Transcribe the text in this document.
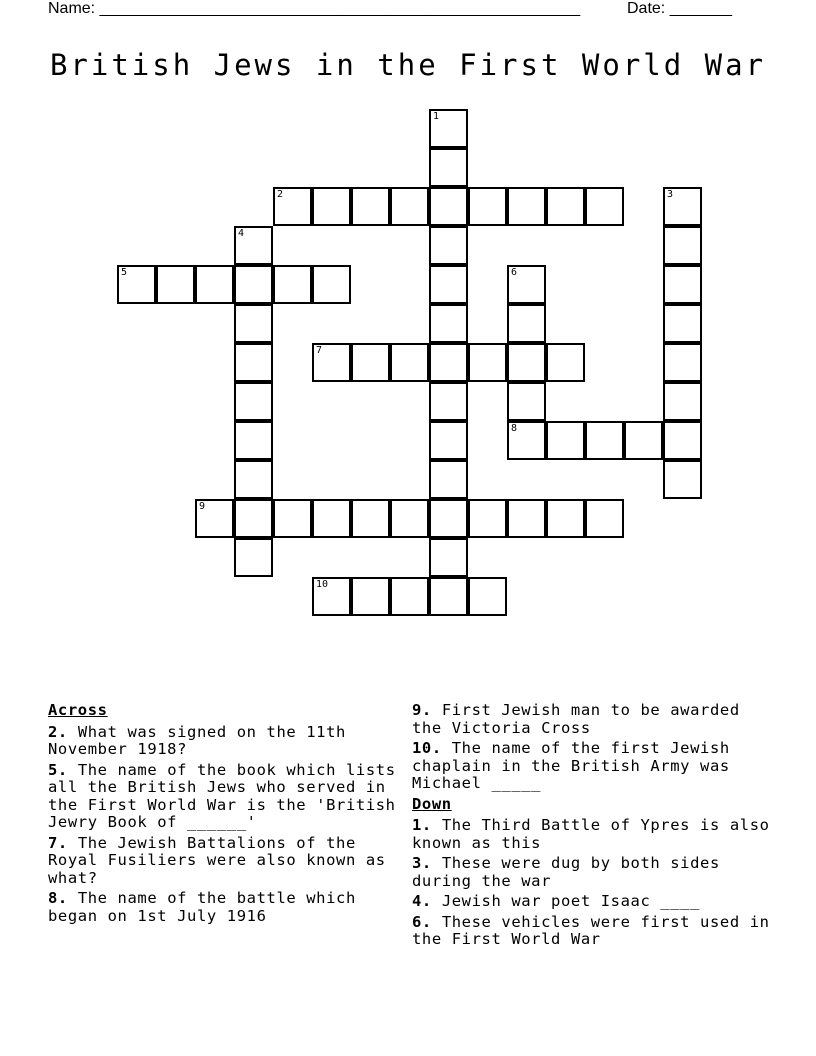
Name: ______________________________________________________	Date: _______
British Jews in the First World War
1
2	3
4
5	6
8
7
9
10
Across
2. What was signed on the 11th November 1918?
5. The name of the book which lists all the British Jews who served in the First World War is the 'British Jewry Book of ______'
7. The Jewish Battalions of the Royal Fusiliers were also known as what?
8. The name of the battle which began on 1st July 1916
9. First Jewish man to be awarded the Victoria Cross
10. The name of the first Jewish chaplain in the British Army was Michael _____
Down
1. The Third Battle of Ypres is also known as this
3. These were dug by both sides during the war
4. Jewish war poet Isaac ____
6. These vehicles were first used in the First World War
